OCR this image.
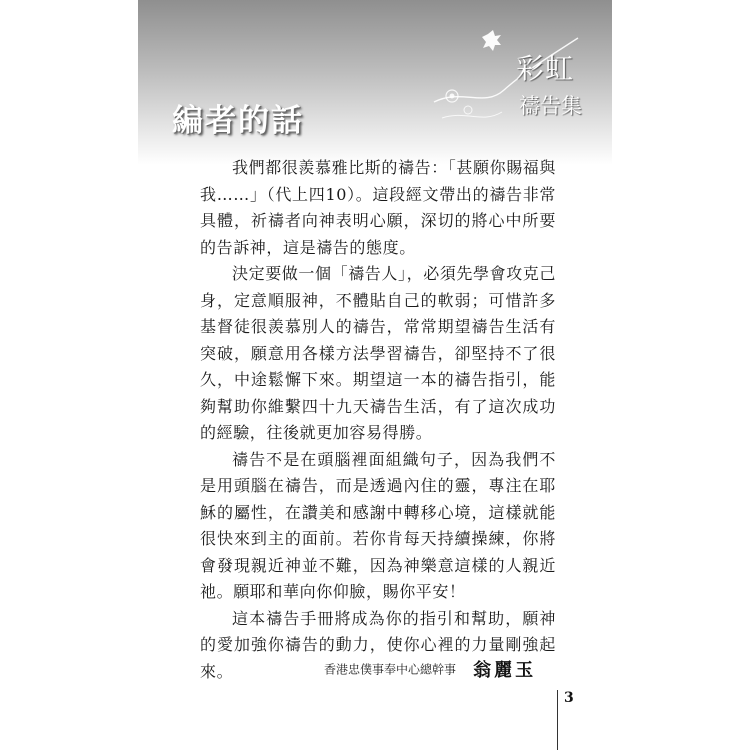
編者的話
彩虹
禱告集

我們都很羨慕雅比斯的禱告：「甚願你賜福與我……」（代上四10）。這段經文帶出的禱告非常具體，祈禱者向神表明心願，深切的將心中所要的告訴神，這是禱告的態度。

決定要做一個「禱告人」，必須先學會攻克己身，定意順服神，不體貼自己的軟弱；可惜許多基督徒很羨慕別人的禱告，常常期望禱告生活有突破，願意用各樣方法學習禱告，卻堅持不了很久，中途鬆懈下來。期望這一本的禱告指引，能夠幫助你維繫四十九天禱告生活，有了這次成功的經驗，往後就更加容易得勝。

禱告不是在頭腦裡面組織句子，因為我們不是用頭腦在禱告，而是透過內住的靈，專注在耶穌的屬性，在讚美和感謝中轉移心境，這樣就能很快來到主的面前。若你肯每天持續操練，你將會發現親近神並不難，因為神樂意這樣的人親近祂。願耶和華向你仰臉，賜你平安！

這本禱告手冊將成為你的指引和幫助，願神的愛加強你禱告的動力，使你心裡的力量剛強起來。	香港忠僕事奉中心總幹事 翁麗玉
3
